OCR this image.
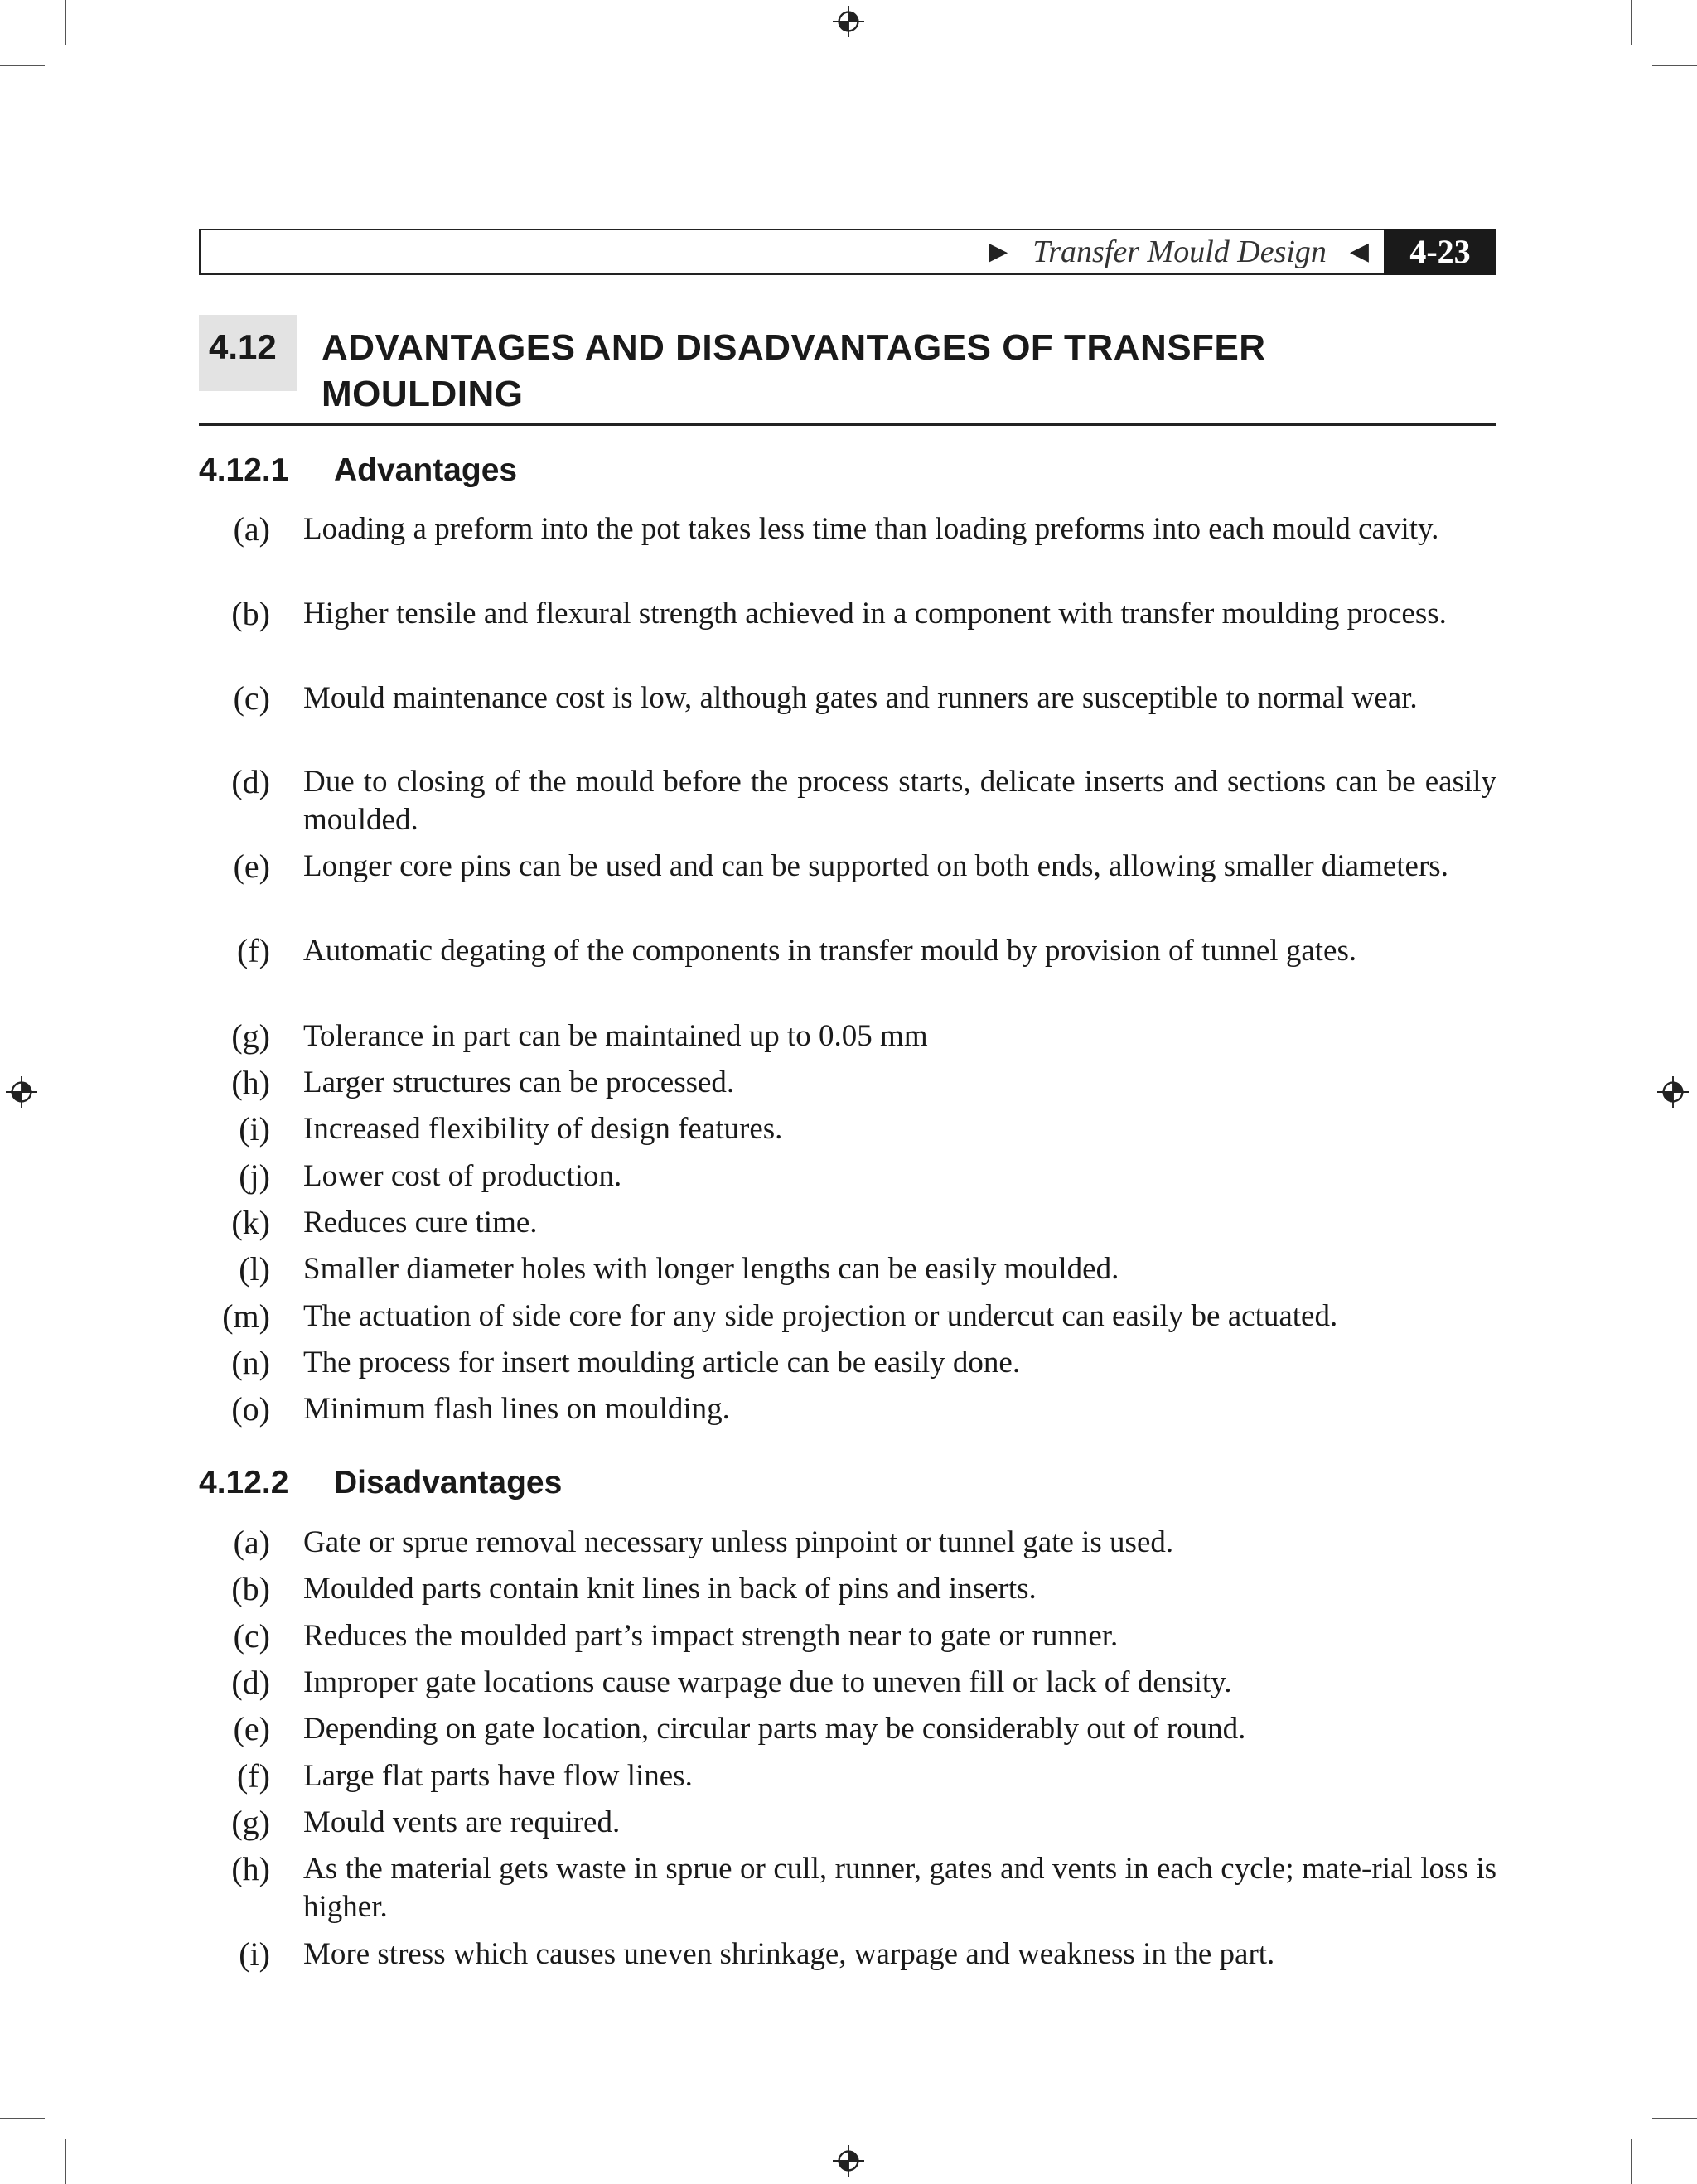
▶ Transfer Mould Design ◀	4-23
4.12	ADVANTAGES AND DISADVANTAGES OF TRANSFER MOULDING
4.12.1 Advantages
(a) Loading a preform into the pot takes less time than loading preforms into each mould cavity.
(b) Higher tensile and flexural strength achieved in a component with transfer moulding process.
(c) Mould maintenance cost is low, although gates and runners are susceptible to normal wear.
(d) Due to closing of the mould before the process starts, delicate inserts and sections can be easily moulded.
(e) Longer core pins can be used and can be supported on both ends, allowing smaller diameters.
(f) Automatic degating of the components in transfer mould by provision of tunnel gates.
(g) Tolerance in part can be maintained up to 0.05 mm
(h) Larger structures can be processed.
(i) Increased flexibility of design features.
(j) Lower cost of production.
(k) Reduces cure time.
(l) Smaller diameter holes with longer lengths can be easily moulded.
(m) The actuation of side core for any side projection or undercut can easily be actuated.
(n) The process for insert moulding article can be easily done.
(o) Minimum flash lines on moulding.
4.12.2 Disadvantages
(a) Gate or sprue removal necessary unless pinpoint or tunnel gate is used.
(b) Moulded parts contain knit lines in back of pins and inserts.
(c) Reduces the moulded part’s impact strength near to gate or runner.
(d) Improper gate locations cause warpage due to uneven fill or lack of density.
(e) Depending on gate location, circular parts may be considerably out of round.
(f) Large flat parts have flow lines.
(g) Mould vents are required.
(h) As the material gets waste in sprue or cull, runner, gates and vents in each cycle; mate-rial loss is higher.
(i) More stress which causes uneven shrinkage, warpage and weakness in the part.
